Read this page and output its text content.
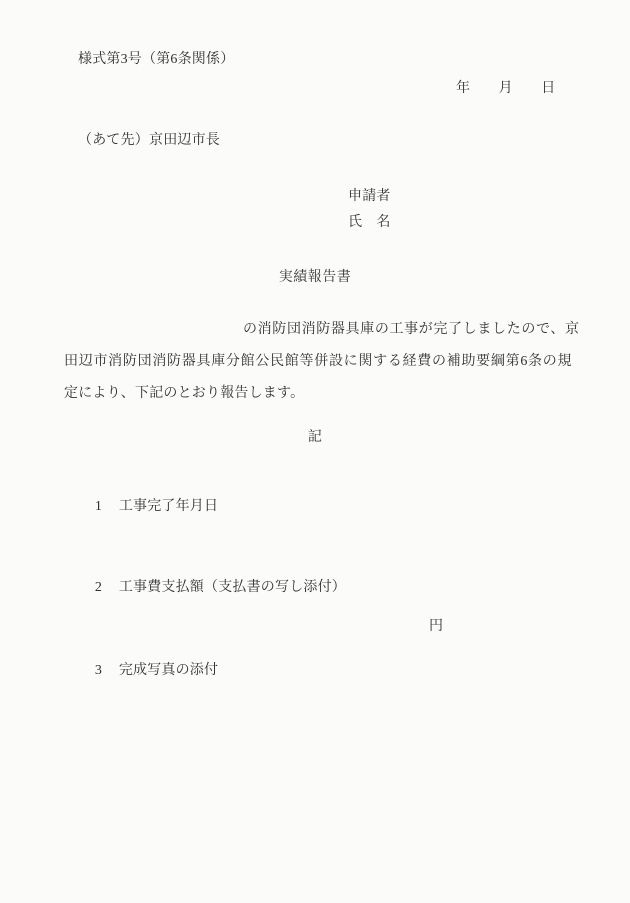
様式第3号（第6条関係）
年　　月　　日
（あて先）京田辺市長
申請者
氏　名
実績報告書
の消防団消防器具庫の工事が完了しましたので、京
田辺市消防団消防器具庫分館公民館等併設に関する経費の補助要綱第6条の規
定により、下記のとおり報告します。
記

1 工事完了年月日

2 工事費支払額（支払書の写し添付）

円

3 完成写真の添付
